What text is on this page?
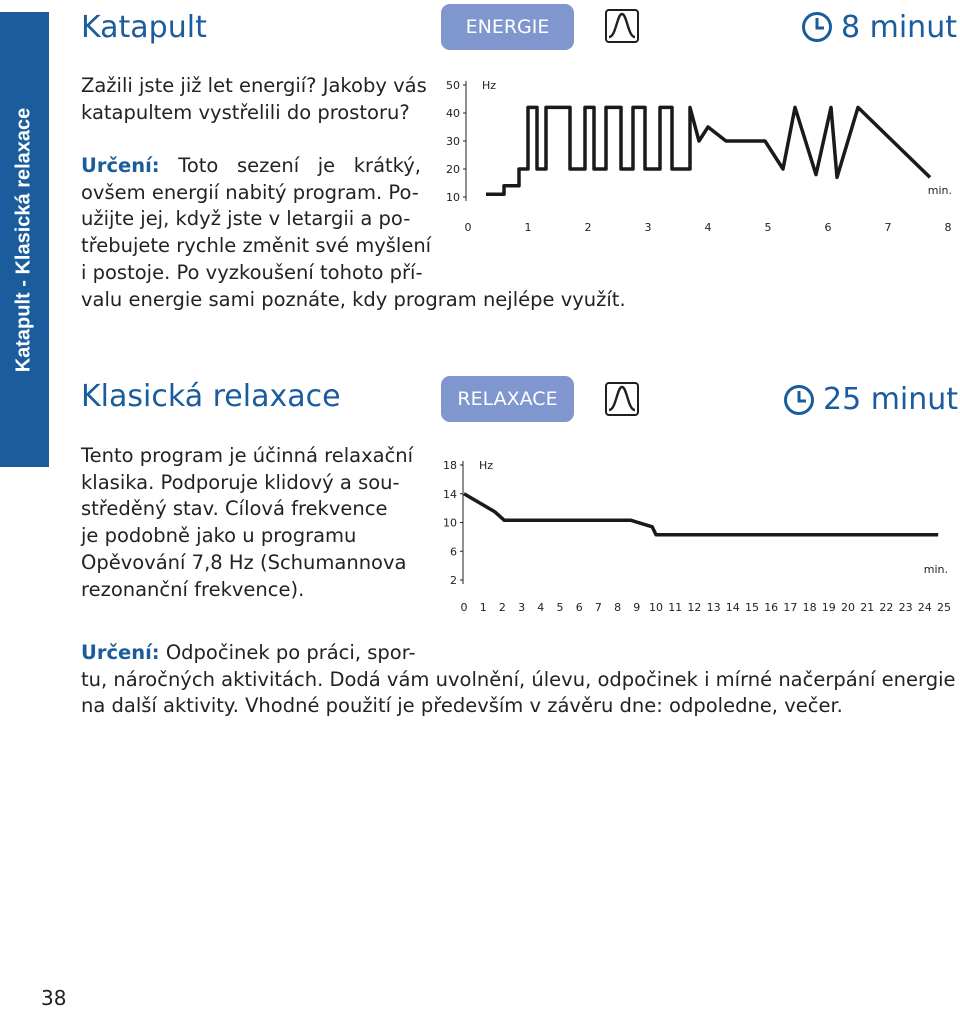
Katapult - Klasická relaxace
Katapult	ENERGIE	8 minut
Zažili jste již let energií? Jakoby vás
katapultem vystřelili do prostoru?
Určení: Toto sezení je krátký,
ovšem energií nabitý program. Po-
užijte jej, když jste v letargii a po-
třebujete rychle změnit své myšlení
i postoje. Po vyzkoušení tohoto pří-
valu energie sami poznáte, kdy program nejlépe využít.
50
40
30
20
10
Hz
min.
0	1	2	3	4	5	6	7	8
Klasická relaxace	RELAXACE	25 minut
Tento program je účinná relaxační
klasika. Podporuje klidový a sou-
středěný stav. Cílová frekvence
je podobně jako u programu
Opěvování 7,8 Hz (Schumannova
rezonanční frekvence).
18
14
10
6
2
Hz
min.
0 1 2 3 4 5 6 7 8 9 10 11 12 13 14 15 16 17 18 19 20 21 22 23 24 25
Určení: Odpočinek po práci, spor-
tu, náročných aktivitách. Dodá vám uvolnění, úlevu, odpočinek i mírné načerpání energie
na další aktivity. Vhodné použití je především v závěru dne: odpoledne, večer.
38
